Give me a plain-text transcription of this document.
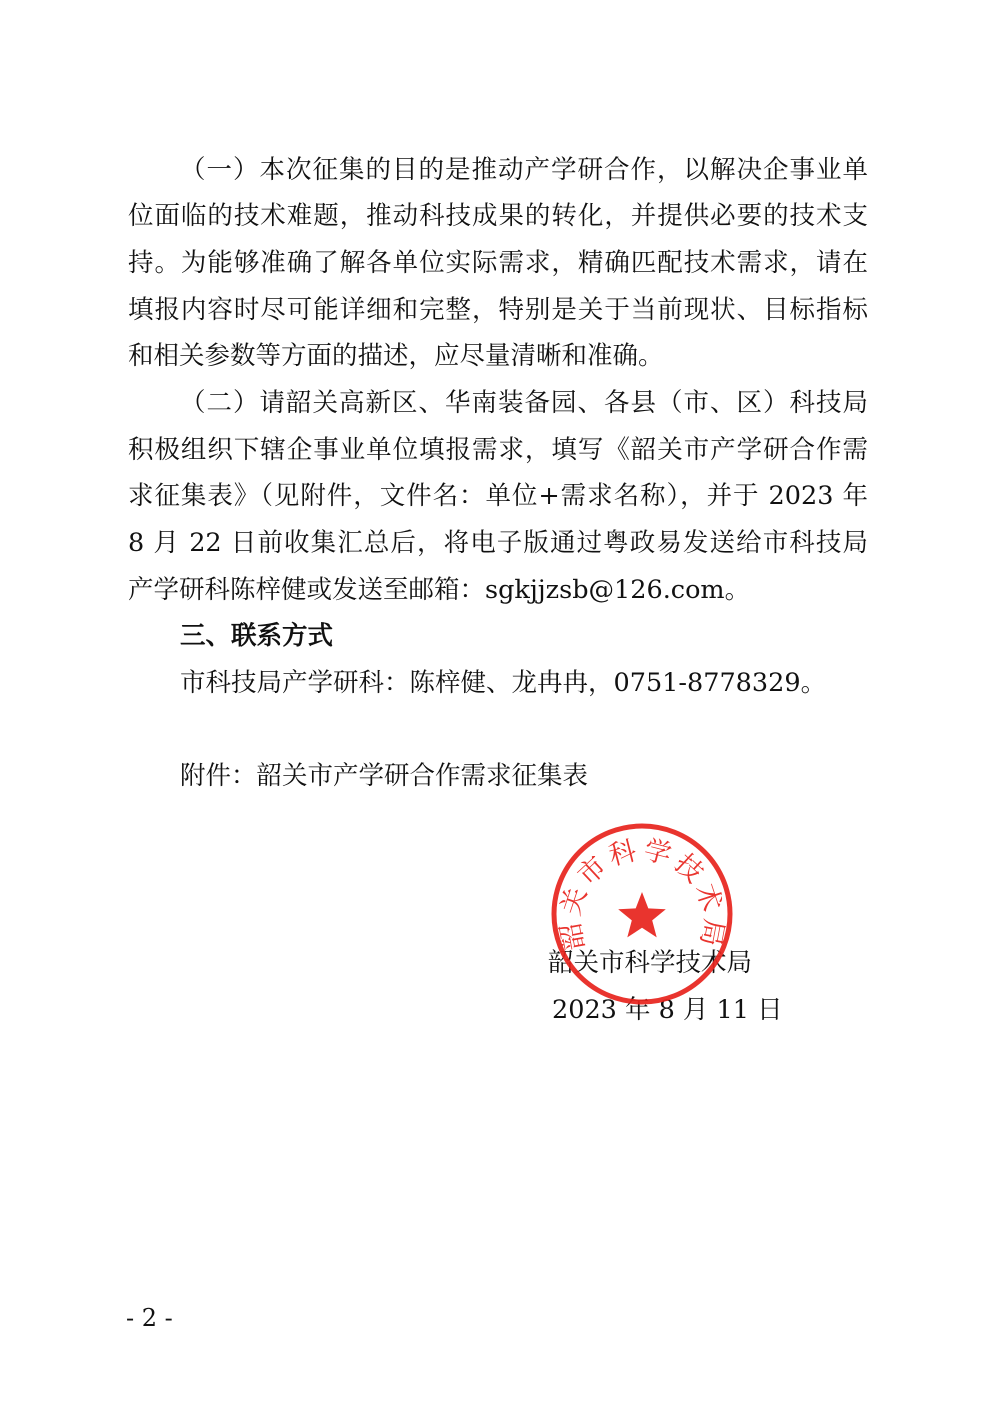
（一）本次征集的目的是推动产学研合作，以解决企事业单
位面临的技术难题，推动科技成果的转化，并提供必要的技术支
持。为能够准确了解各单位实际需求，精确匹配技术需求，请在
填报内容时尽可能详细和完整，特别是关于当前现状、目标指标
和相关参数等方面的描述，应尽量清晰和准确。
（二）请韶关高新区、华南装备园、各县（市、区）科技局
积极组织下辖企事业单位填报需求，填写《韶关市产学研合作需
求征集表》（见附件，文件名：单位+需求名称），并于 2023 年
8 月 22 日前收集汇总后，将电子版通过粤政易发送给市科技局
产学研科陈梓健或发送至邮箱：sgkjjzsb@126.com。
三、联系方式
市科技局产学研科：陈梓健、龙冉冉，0751-8778329。
附件：韶关市产学研合作需求征集表
韶关市科学技术局
韶关市科学技术局
2023 年 8 月 11 日
- 2 -
